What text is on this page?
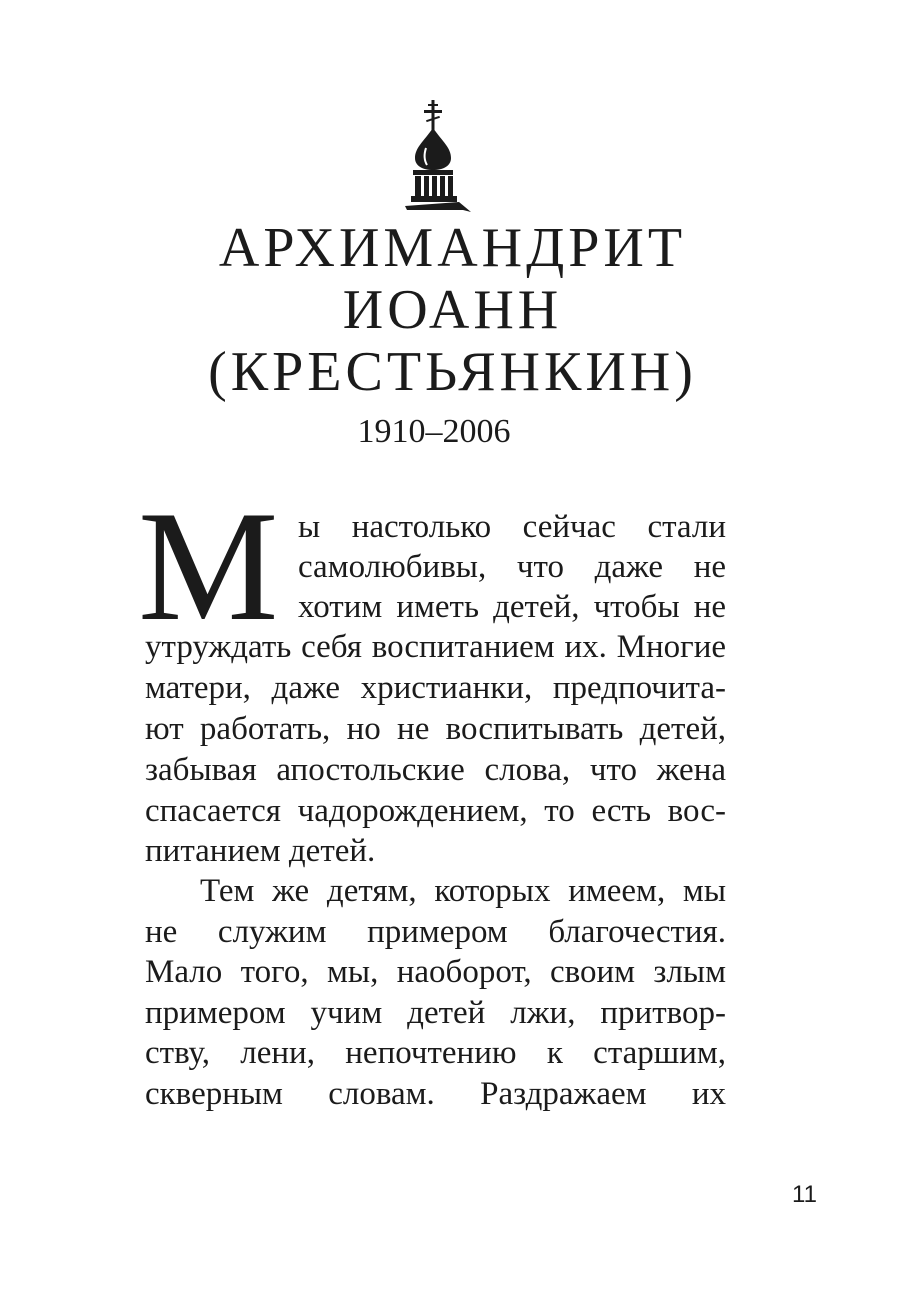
АРХИМАНДРИТ
ИОАНН
(КРЕСТЬЯНКИН)
1910–2006
М ы настолько сейчас стали
самолюбивы, что даже не
хотим иметь детей, чтобы не
утруждать себя воспитанием их. Многие
матери, даже христианки, предпочита-
ют работать, но не воспитывать детей,
забывая апостольские слова, что жена
спасается чадорождением, то есть вос-
питанием детей.
Тем же детям, которых имеем, мы
не служим примером благочестия.
Мало того, мы, наоборот, своим злым
примером учим детей лжи, притвор-
ству, лени, непочтению к старшим,
скверным словам. Раздражаем их
11
